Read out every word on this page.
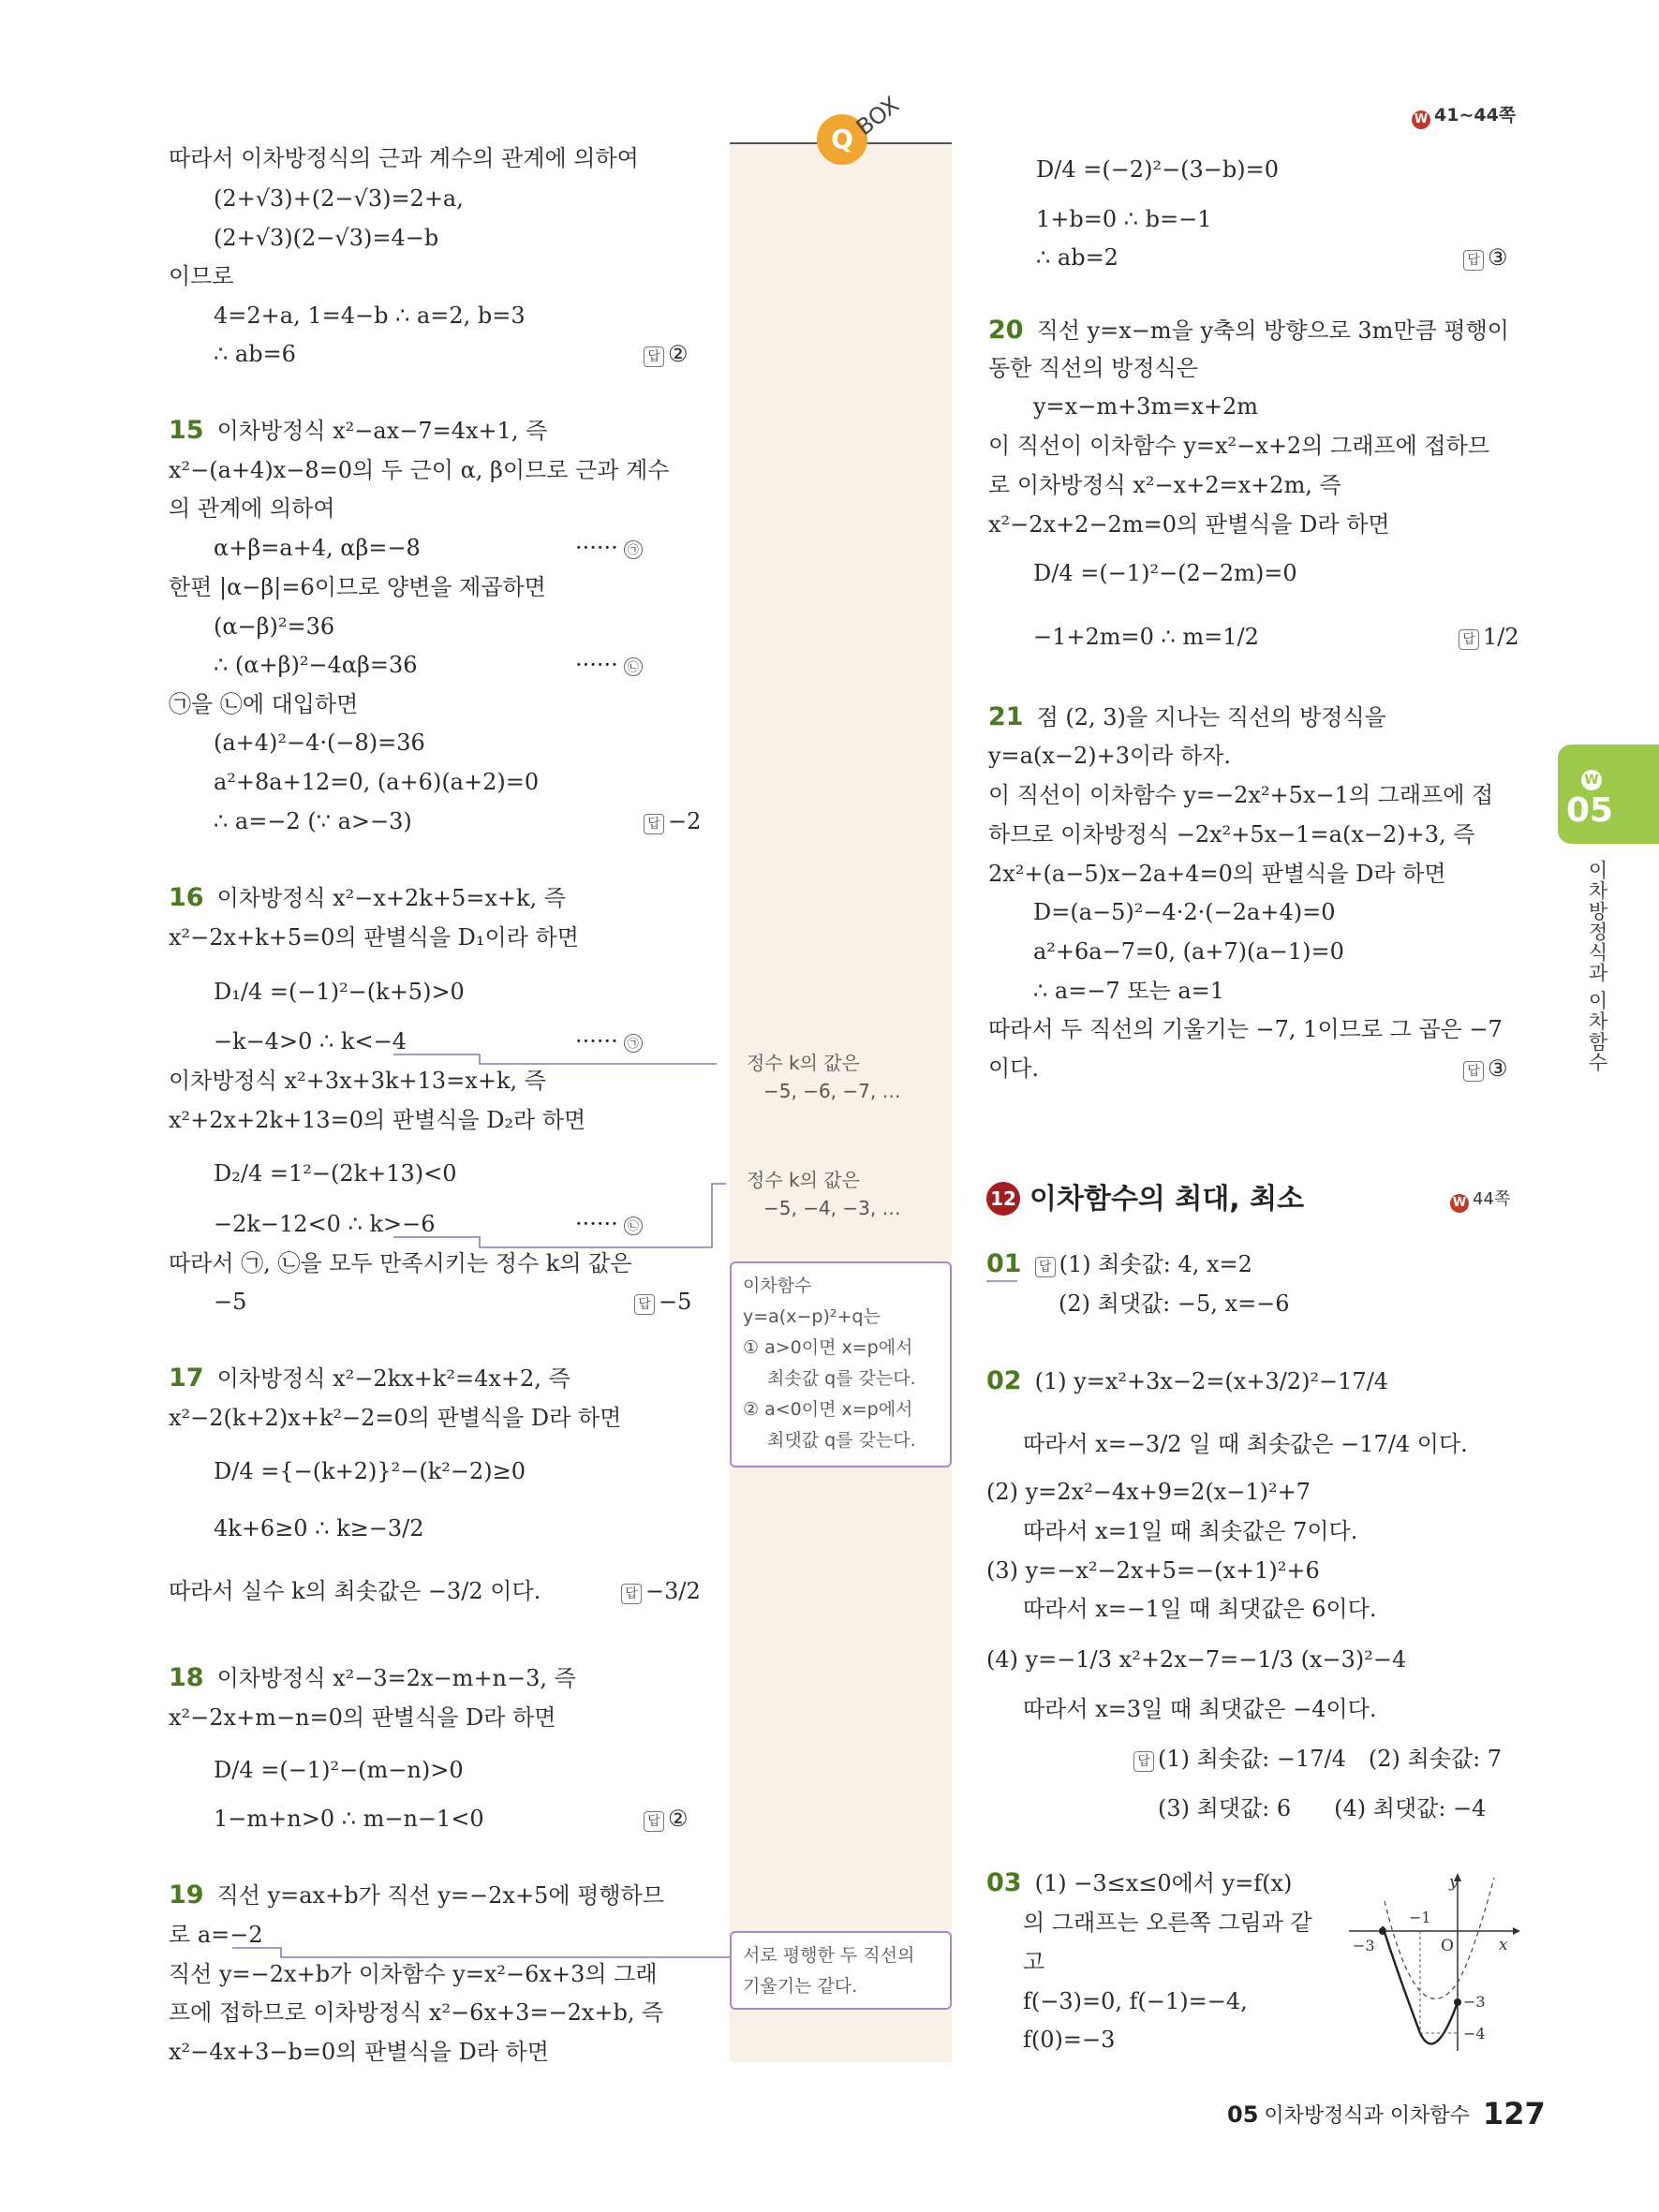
W 41~44쪽
Q
BOX
따라서 이차방정식의 근과 계수의 관계에 의하여
(2+√3)+(2−√3)=2+a,
(2+√3)(2−√3)=4−b
이므로
4=2+a, 1=4−b ∴ a=2, b=3
∴ ab=6	답 ②
15 이차방정식 x²−ax−7=4x+1, 즉
x²−(a+4)x−8=0의 두 근이 α, β이므로 근과 계수
의 관계에 의하여
α+β=a+4, αβ=−8	······ ㉠
한편 |α−β|=6이므로 양변을 제곱하면
(α−β)²=36
∴ (α+β)²−4αβ=36	······ ㉡
㉠을 ㉡에 대입하면
(a+4)²−4·(−8)=36
a²+8a+12=0, (a+6)(a+2)=0
∴ a=−2 (∵ a>−3)	답 −2
16 이차방정식 x²−x+2k+5=x+k, 즉
x²−2x+k+5=0의 판별식을 D₁이라 하면
D₁/4 =(−1)²−(k+5)>0
−k−4>0 ∴ k<−4	······ ㉠
이차방정식 x²+3x+3k+13=x+k, 즉
x²+2x+2k+13=0의 판별식을 D₂라 하면
D₂/4 =1²−(2k+13)<0
−2k−12<0 ∴ k>−6	······ ㉡
따라서 ㉠, ㉡을 모두 만족시키는 정수 k의 값은
−5	답 −5
17 이차방정식 x²−2kx+k²=4x+2, 즉
x²−2(k+2)x+k²−2=0의 판별식을 D라 하면
D/4 ={−(k+2)}²−(k²−2)≥0
4k+6≥0 ∴ k≥−3/2
따라서 실수 k의 최솟값은 −3/2 이다.	답 −3/2
18 이차방정식 x²−3=2x−m+n−3, 즉
x²−2x+m−n=0의 판별식을 D라 하면
D/4 =(−1)²−(m−n)>0
1−m+n>0 ∴ m−n−1<0	답 ②
19 직선 y=ax+b가 직선 y=−2x+5에 평행하므
로 a=−2
직선 y=−2x+b가 이차함수 y=x²−6x+3의 그래
프에 접하므로 이차방정식 x²−6x+3=−2x+b, 즉
x²−4x+3−b=0의 판별식을 D라 하면
정수 k의 값은
−5, −6, −7, …
정수 k의 값은
−5, −4, −3, …
이차함수
y=a(x−p)²+q는
① a>0이면 x=p에서
최솟값 q를 갖는다.
② a<0이면 x=p에서
최댓값 q를 갖는다.
서로 평행한 두 직선의
기울기는 같다.
D/4 =(−2)²−(3−b)=0
1+b=0 ∴ b=−1
∴ ab=2	답 ③
20 직선 y=x−m을 y축의 방향으로 3m만큼 평행이
동한 직선의 방정식은
y=x−m+3m=x+2m
이 직선이 이차함수 y=x²−x+2의 그래프에 접하므
로 이차방정식 x²−x+2=x+2m, 즉
x²−2x+2−2m=0의 판별식을 D라 하면
D/4 =(−1)²−(2−2m)=0
−1+2m=0 ∴ m=1/2	답 1/2
21 점 (2, 3)을 지나는 직선의 방정식을
y=a(x−2)+3이라 하자.
이 직선이 이차함수 y=−2x²+5x−1의 그래프에 접
하므로 이차방정식 −2x²+5x−1=a(x−2)+3, 즉
2x²+(a−5)x−2a+4=0의 판별식을 D라 하면
D=(a−5)²−4·2·(−2a+4)=0
a²+6a−7=0, (a+7)(a−1)=0
∴ a=−7 또는 a=1
따라서 두 직선의 기울기는 −7, 1이므로 그 곱은 −7
이다.	답 ③
12 이차함수의 최대, 최소	W 44쪽
01 답 (1) 최솟값: 4, x=2
(2) 최댓값: −5, x=−6
02 (1) y=x²+3x−2=(x+3/2)²−17/4
따라서 x=−3/2 일 때 최솟값은 −17/4 이다.
(2) y=2x²−4x+9=2(x−1)²+7
따라서 x=1일 때 최솟값은 7이다.
(3) y=−x²−2x+5=−(x+1)²+6
따라서 x=−1일 때 최댓값은 6이다.
(4) y=−1/3 x²+2x−7=−1/3 (x−3)²−4
따라서 x=3일 때 최댓값은 −4이다.
답 (1) 최솟값: −17/4 (2) 최솟값: 7
(3) 최댓값: 6 (4) 최댓값: −4
03 (1) −3≤x≤0에서 y=f(x)
의 그래프는 오른쪽 그림과 같
고
f(−3)=0, f(−1)=−4,
f(0)=−3
y
x
O
−3
−1
−3
−4
W
05
이차방정식과 이차함수
05 이차방정식과 이차함수 127
